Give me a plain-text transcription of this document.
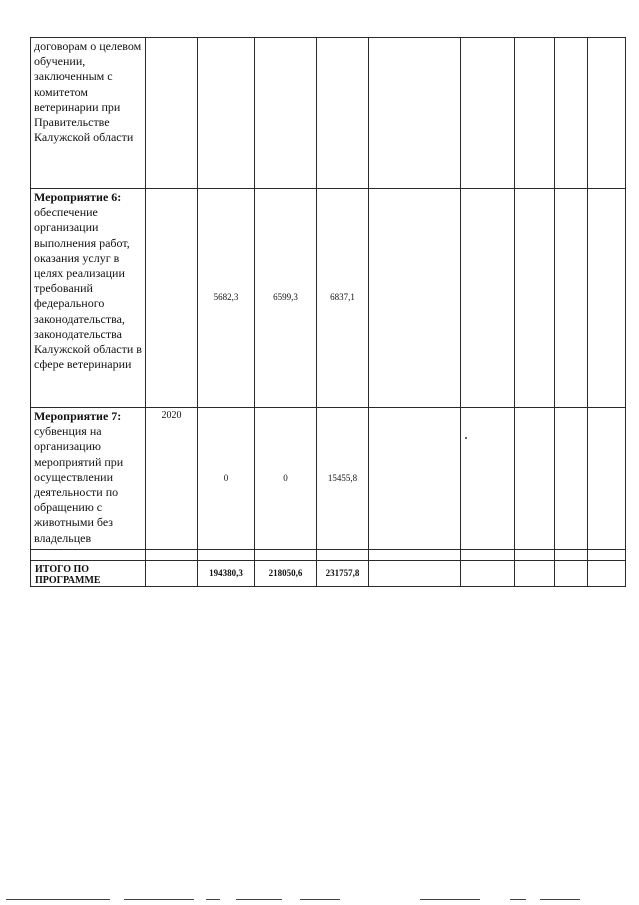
договорам о целевом обучении, заключенным с комитетом ветеринарии при Правительстве Калужской области									
Мероприятие 6: обеспечение организации выполнения работ, оказания услуг в целях реализации требований федерального законодательства, законодательства Калужской области в сфере ветеринарии		5682,3	6599,3	6837,1					
Мероприятие 7: субвенция на организацию мероприятий при осуществлении деятельности по обращению с животными без владельцев	2020	0	0	15455,8					

ИТОГО ПО ПРОГРАММЕ		194380,3	218050,6	231757,8					
